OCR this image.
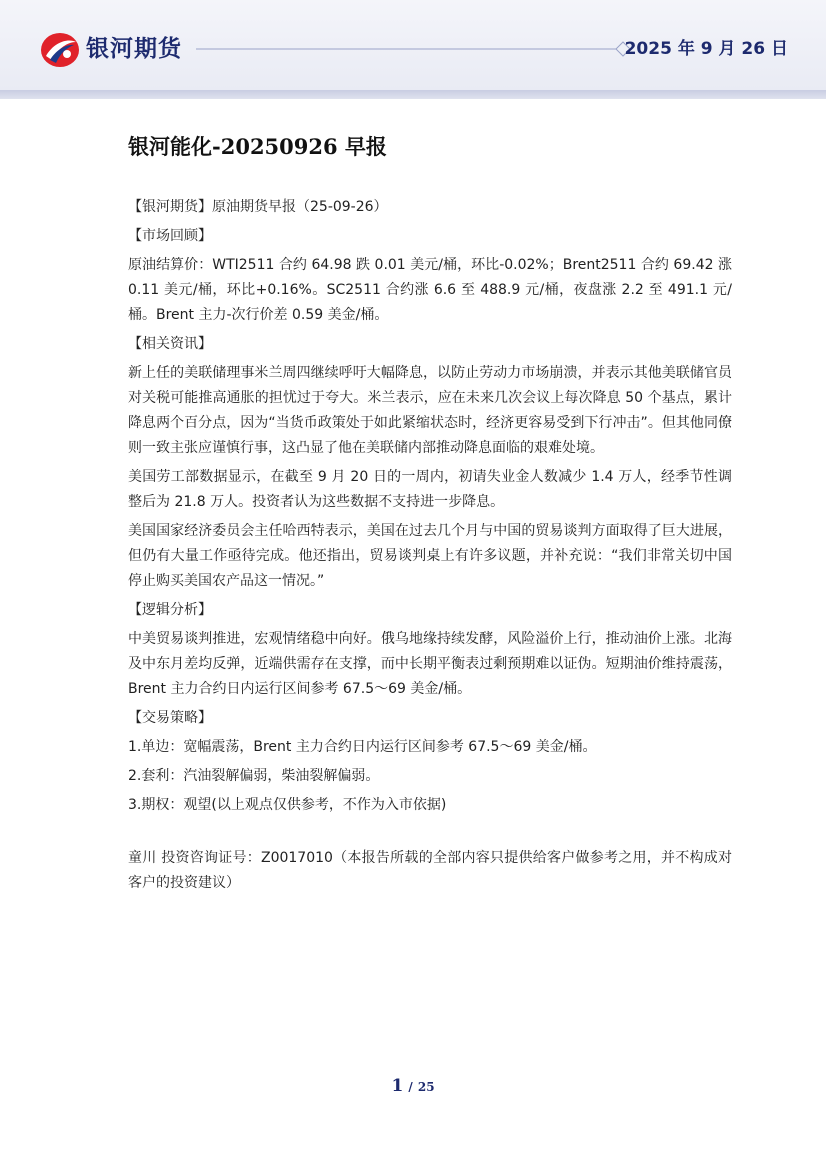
银河期货	2025 年 9 月 26 日
银河能化-20250926 早报

【银河期货】原油期货早报（25-09-26）

【市场回顾】

原油结算价：WTI2511 合约 64.98 跌 0.01 美元/桶，环比-0.02%；Brent2511 合约 69.42 涨 0.11 美元/桶，环比+0.16%。SC2511 合约涨 6.6 至 488.9 元/桶，夜盘涨 2.2 至 491.1 元/桶。Brent 主力-次行价差 0.59 美金/桶。

【相关资讯】

新上任的美联储理事米兰周四继续呼吁大幅降息，以防止劳动力市场崩溃，并表示其他美联储官员对关税可能推高通胀的担忧过于夸大。米兰表示，应在未来几次会议上每次降息 50 个基点，累计降息两个百分点，因为“当货币政策处于如此紧缩状态时，经济更容易受到下行冲击”。但其他同僚则一致主张应谨慎行事，这凸显了他在美联储内部推动降息面临的艰难处境。

美国劳工部数据显示，在截至 9 月 20 日的一周内，初请失业金人数减少 1.4 万人，经季节性调整后为 21.8 万人。投资者认为这些数据不支持进一步降息。

美国国家经济委员会主任哈西特表示，美国在过去几个月与中国的贸易谈判方面取得了巨大进展，但仍有大量工作亟待完成。他还指出，贸易谈判桌上有许多议题，并补充说：“我们非常关切中国停止购买美国农产品这一情况。”

【逻辑分析】

中美贸易谈判推进，宏观情绪稳中向好。俄乌地缘持续发酵，风险溢价上行，推动油价上涨。北海及中东月差均反弹，近端供需存在支撑，而中长期平衡表过剩预期难以证伪。短期油价维持震荡，Brent 主力合约日内运行区间参考 67.5～69 美金/桶。

【交易策略】

1.单边：宽幅震荡，Brent 主力合约日内运行区间参考 67.5～69 美金/桶。

2.套利：汽油裂解偏弱，柴油裂解偏弱。

3.期权：观望(以上观点仅供参考，不作为入市依据)

童川 投资咨询证号：Z0017010（本报告所载的全部内容只提供给客户做参考之用，并不构成对客户的投资建议）

1 / 25
